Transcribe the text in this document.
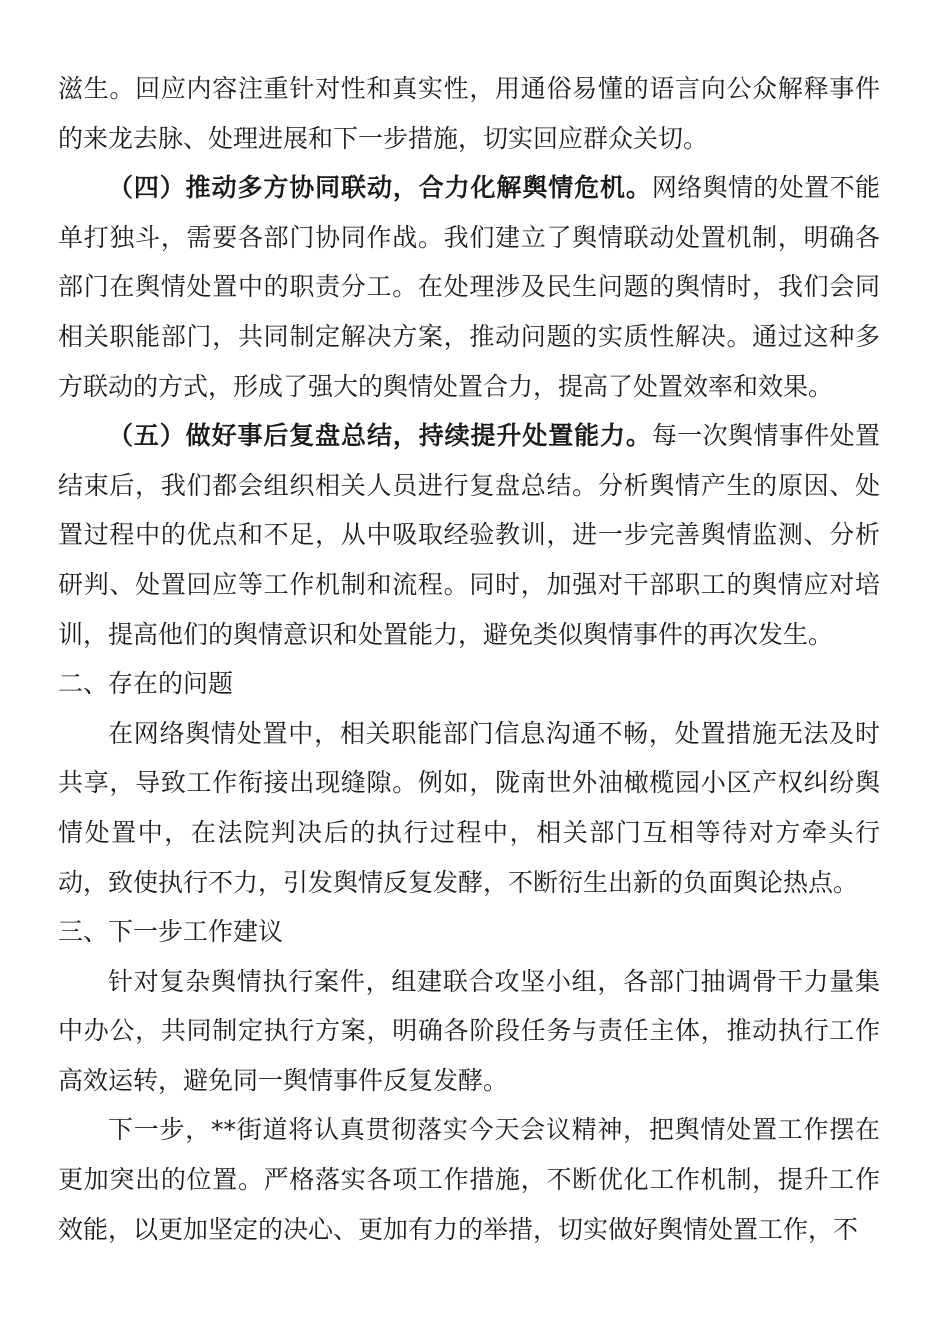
滋生。回应内容注重针对性和真实性，用通俗易懂的语言向公众解释事件的来龙去脉、处理进展和下一步措施，切实回应群众关切。

（四）推动多方协同联动，合力化解舆情危机。网络舆情的处置不能单打独斗，需要各部门协同作战。我们建立了舆情联动处置机制，明确各部门在舆情处置中的职责分工。在处理涉及民生问题的舆情时，我们会同相关职能部门，共同制定解决方案，推动问题的实质性解决。通过这种多方联动的方式，形成了强大的舆情处置合力，提高了处置效率和效果。

（五）做好事后复盘总结，持续提升处置能力。每一次舆情事件处置结束后，我们都会组织相关人员进行复盘总结。分析舆情产生的原因、处置过程中的优点和不足，从中吸取经验教训，进一步完善舆情监测、分析研判、处置回应等工作机制和流程。同时，加强对干部职工的舆情应对培训，提高他们的舆情意识和处置能力，避免类似舆情事件的再次发生。

二、存在的问题

在网络舆情处置中，相关职能部门信息沟通不畅，处置措施无法及时共享，导致工作衔接出现缝隙。例如，陇南世外油橄榄园小区产权纠纷舆情处置中，在法院判决后的执行过程中，相关部门互相等待对方牵头行动，致使执行不力，引发舆情反复发酵，不断衍生出新的负面舆论热点。

三、下一步工作建议

针对复杂舆情执行案件，组建联合攻坚小组，各部门抽调骨干力量集中办公，共同制定执行方案，明确各阶段任务与责任主体，推动执行工作高效运转，避免同一舆情事件反复发酵。

下一步，**街道将认真贯彻落实今天会议精神，把舆情处置工作摆在更加突出的位置。严格落实各项工作措施，不断优化工作机制，提升工作效能，以更加坚定的决心、更加有力的举措，切实做好舆情处置工作，不
